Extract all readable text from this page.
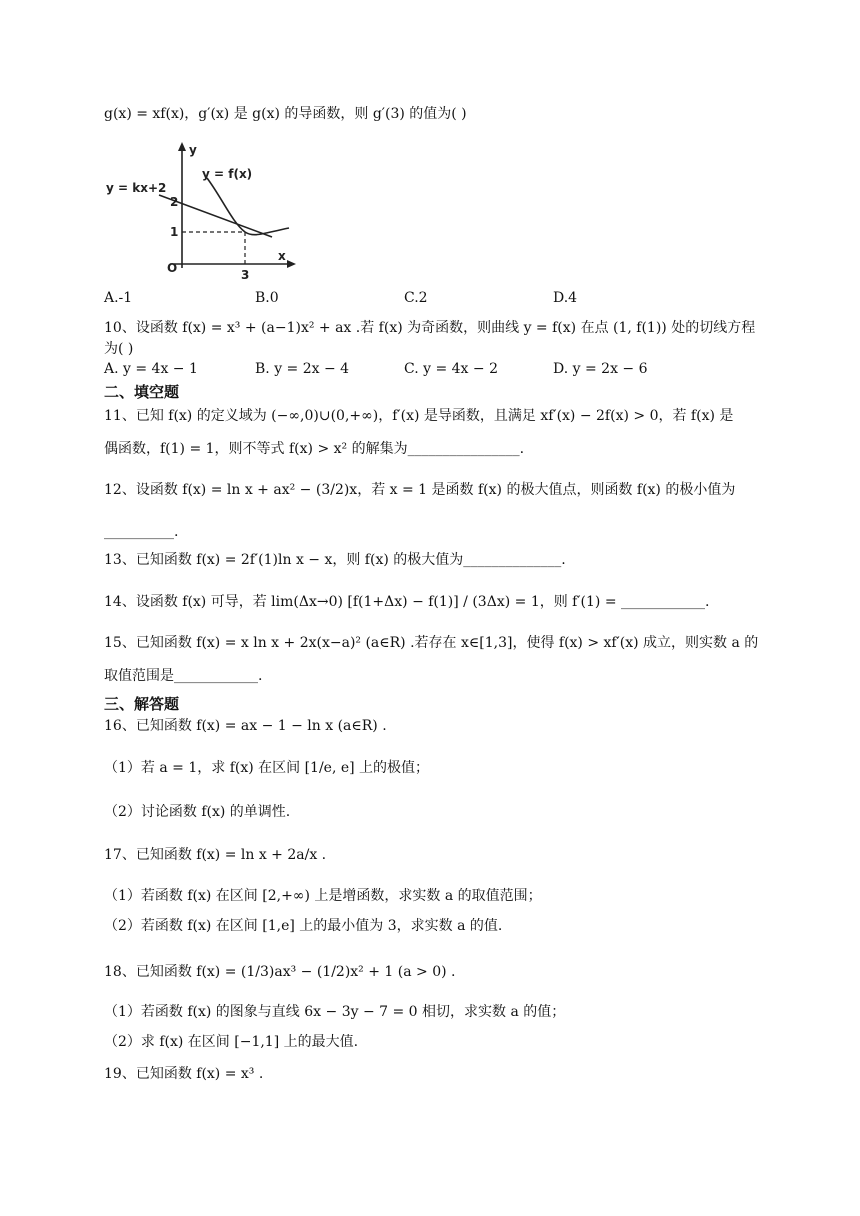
g(x) = xf(x)，g′(x) 是 g(x) 的导函数，则 g′(3) 的值为( )
y
x
O
y = f(x)
y = kx+2
2
1
3
A.-1	B.0	C.2	D.4
10、设函数 f(x) = x³ + (a−1)x² + ax .若 f(x) 为奇函数，则曲线 y = f(x) 在点 (1, f(1)) 处的切线方程
为( )
A. y = 4x − 1	B. y = 2x − 4	C. y = 4x − 2	D. y = 2x − 6
二、填空题
11、已知 f(x) 的定义域为 (−∞,0)∪(0,+∞)，f′(x) 是导函数，且满足 xf′(x) − 2f(x) > 0，若 f(x) 是
偶函数，f(1) = 1，则不等式 f(x) > x² 的解集为________________.
12、设函数 f(x) = ln x + ax² − (3/2)x，若 x = 1 是函数 f(x) 的极大值点，则函数 f(x) 的极小值为
__________.
13、已知函数 f(x) = 2f′(1)ln x − x，则 f(x) 的极大值为______________.
14、设函数 f(x) 可导，若 lim(Δx→0) [f(1+Δx) − f(1)] / (3Δx) = 1，则 f′(1) = ____________.
15、已知函数 f(x) = x ln x + 2x(x−a)² (a∈R) .若存在 x∈[1,3]，使得 f(x) > xf′(x) 成立，则实数 a 的
取值范围是____________.
三、解答题
16、已知函数 f(x) = ax − 1 − ln x (a∈R) .
（1）若 a = 1，求 f(x) 在区间 [1/e, e] 上的极值；
（2）讨论函数 f(x) 的单调性.
17、已知函数 f(x) = ln x + 2a/x .
（1）若函数 f(x) 在区间 [2,+∞) 上是增函数，求实数 a 的取值范围；
（2）若函数 f(x) 在区间 [1,e] 上的最小值为 3，求实数 a 的值.
18、已知函数 f(x) = (1/3)ax³ − (1/2)x² + 1 (a > 0) .
（1）若函数 f(x) 的图象与直线 6x − 3y − 7 = 0 相切，求实数 a 的值；
（2）求 f(x) 在区间 [−1,1] 上的最大值.
19、已知函数 f(x) = x³ .
